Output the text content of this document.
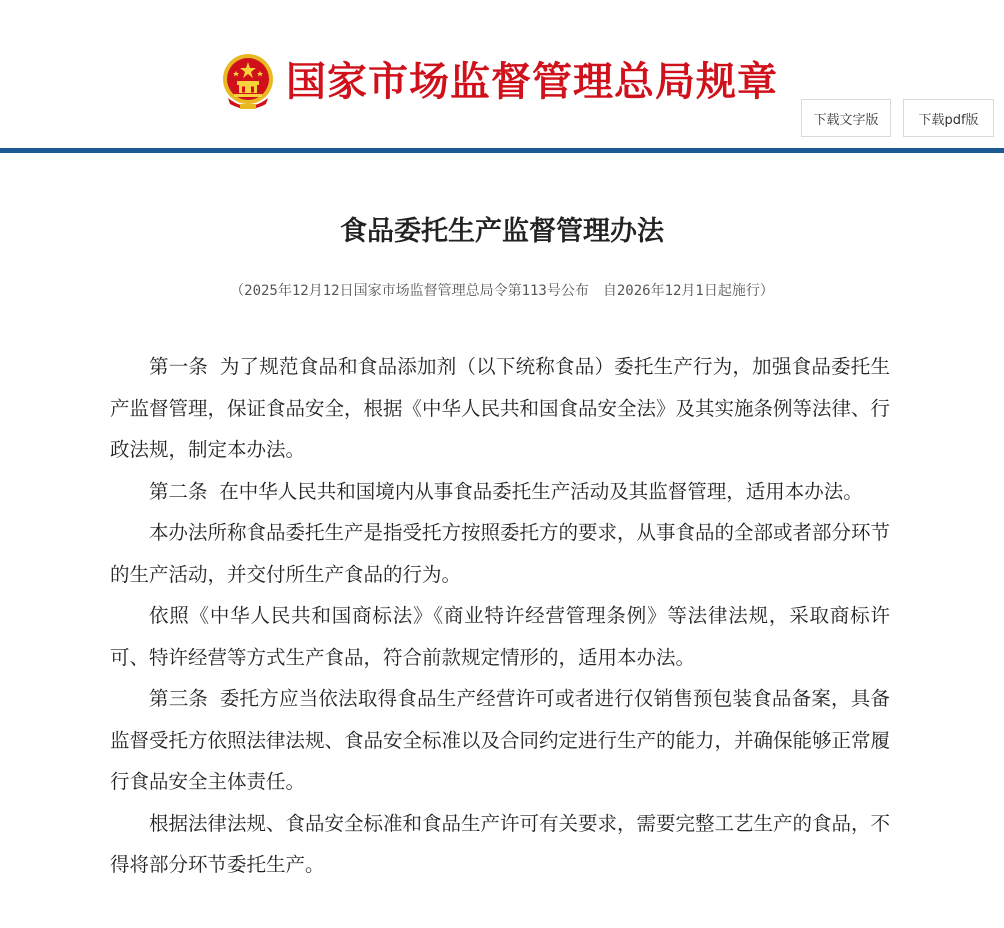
国家市场监督管理总局规章
下载文字版	下载pdf版
食品委托生产监督管理办法
（2025年12月12日国家市场监督管理总局令第113号公布　自2026年12月1日起施行）

第一条 为了规范食品和食品添加剂（以下统称食品）委托生产行为，加强食品委托生产监督管理，保证食品安全，根据《中华人民共和国食品安全法》及其实施条例等法律、行政法规，制定本办法。

第二条 在中华人民共和国境内从事食品委托生产活动及其监督管理，适用本办法。

本办法所称食品委托生产是指受托方按照委托方的要求，从事食品的全部或者部分环节的生产活动，并交付所生产食品的行为。

依照《中华人民共和国商标法》《商业特许经营管理条例》等法律法规，采取商标许可、特许经营等方式生产食品，符合前款规定情形的，适用本办法。

第三条 委托方应当依法取得食品生产经营许可或者进行仅销售预包装食品备案，具备监督受托方依照法律法规、食品安全标准以及合同约定进行生产的能力，并确保能够正常履行食品安全主体责任。

根据法律法规、食品安全标准和食品生产许可有关要求，需要完整工艺生产的食品，不得将部分环节委托生产。
